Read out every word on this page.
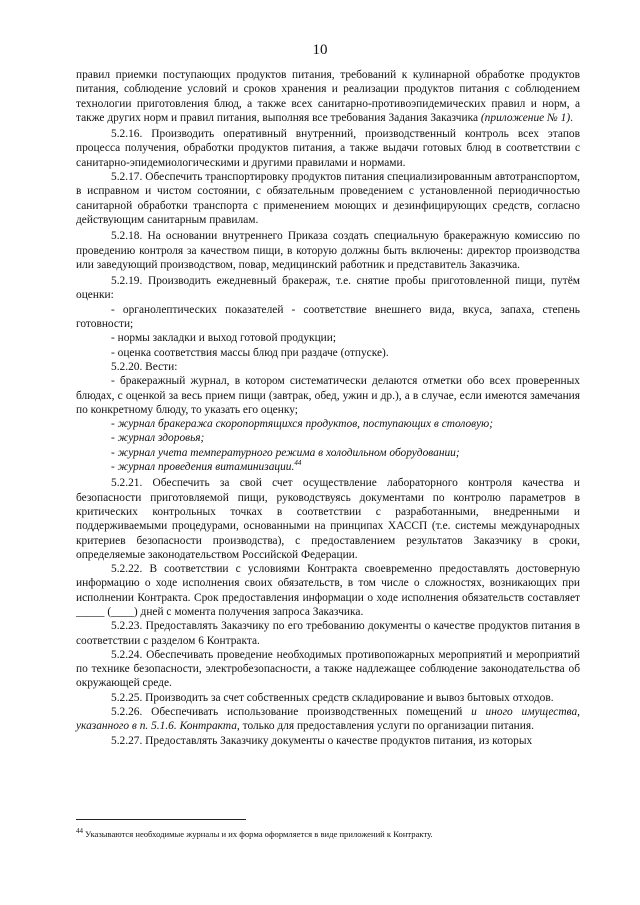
10

правил приемки поступающих продуктов питания, требований к кулинарной обработке продуктов питания, соблюдение условий и сроков хранения и реализации продуктов питания с соблюдением технологии приготовления блюд, а также всех санитарно-противоэпидемических правил и норм, а также других норм и правил питания, выполняя все требования Задания Заказчика (приложение № 1).

5.2.16. Производить оперативный внутренний, производственный контроль всех этапов процесса получения, обработки продуктов питания, а также выдачи готовых блюд в соответствии с санитарно-эпидемиологическими и другими правилами и нормами.

5.2.17. Обеспечить транспортировку продуктов питания специализированным автотранспортом, в исправном и чистом состоянии, с обязательным проведением с установленной периодичностью санитарной обработки транспорта с применением моющих и дезинфицирующих средств, согласно действующим санитарным правилам.

5.2.18. На основании внутреннего Приказа создать специальную бракеражную комиссию по проведению контроля за качеством пищи, в которую должны быть включены: директор производства или заведующий производством, повар, медицинский работник и представитель Заказчика.

5.2.19. Производить ежедневный бракераж, т.е. снятие пробы приготовленной пищи, путём оценки:

- органолептических показателей - соответствие внешнего вида, вкуса, запаха, степень готовности;

- нормы закладки и выход готовой продукции;

- оценка соответствия массы блюд при раздаче (отпуске).

5.2.20. Вести:

- бракеражный журнал, в котором систематически делаются отметки обо всех проверенных блюдах, с оценкой за весь прием пищи (завтрак, обед, ужин и др.), а в случае, если имеются замечания по конкретному блюду, то указать его оценку;

- журнал бракеража скоропортящихся продуктов, поступающих в столовую;

- журнал здоровья;

- журнал учета температурного режима в холодильном оборудовании;

- журнал проведения витаминизации.$^{44}$

5.2.21. Обеспечить за свой счет осуществление лабораторного контроля качества и безопасности приготовляемой пищи, руководствуясь документами по контролю параметров в критических контрольных точках в соответствии с разработанными, внедренными и поддерживаемыми процедурами, основанными на принципах ХАССП (т.е. системы международных критериев безопасности производства), с предоставлением результатов Заказчику в сроки, определяемые законодательством Российской Федерации.

5.2.22. В соответствии с условиями Контракта своевременно предоставлять достоверную информацию о ходе исполнения своих обязательств, в том числе о сложностях, возникающих при исполнении Контракта. Срок предоставления информации о ходе исполнения обязательств составляет _____ (____) дней с момента получения запроса Заказчика.

5.2.23. Предоставлять Заказчику по его требованию документы о качестве продуктов питания в соответствии с разделом 6 Контракта.

5.2.24. Обеспечивать проведение необходимых противопожарных мероприятий и мероприятий по технике безопасности, электробезопасности, а также надлежащее соблюдение законодательства об окружающей среде.

5.2.25. Производить за счет собственных средств складирование и вывоз бытовых отходов.

5.2.26. Обеспечивать использование производственных помещений и иного имущества, указанного в п. 5.1.6. Контракта, только для предоставления услуги по организации питания.

5.2.27. Предоставлять Заказчику документы о качестве продуктов питания, из которых

$^{44}$ Указываются необходимые журналы и их форма оформляется в виде приложений к Контракту.
